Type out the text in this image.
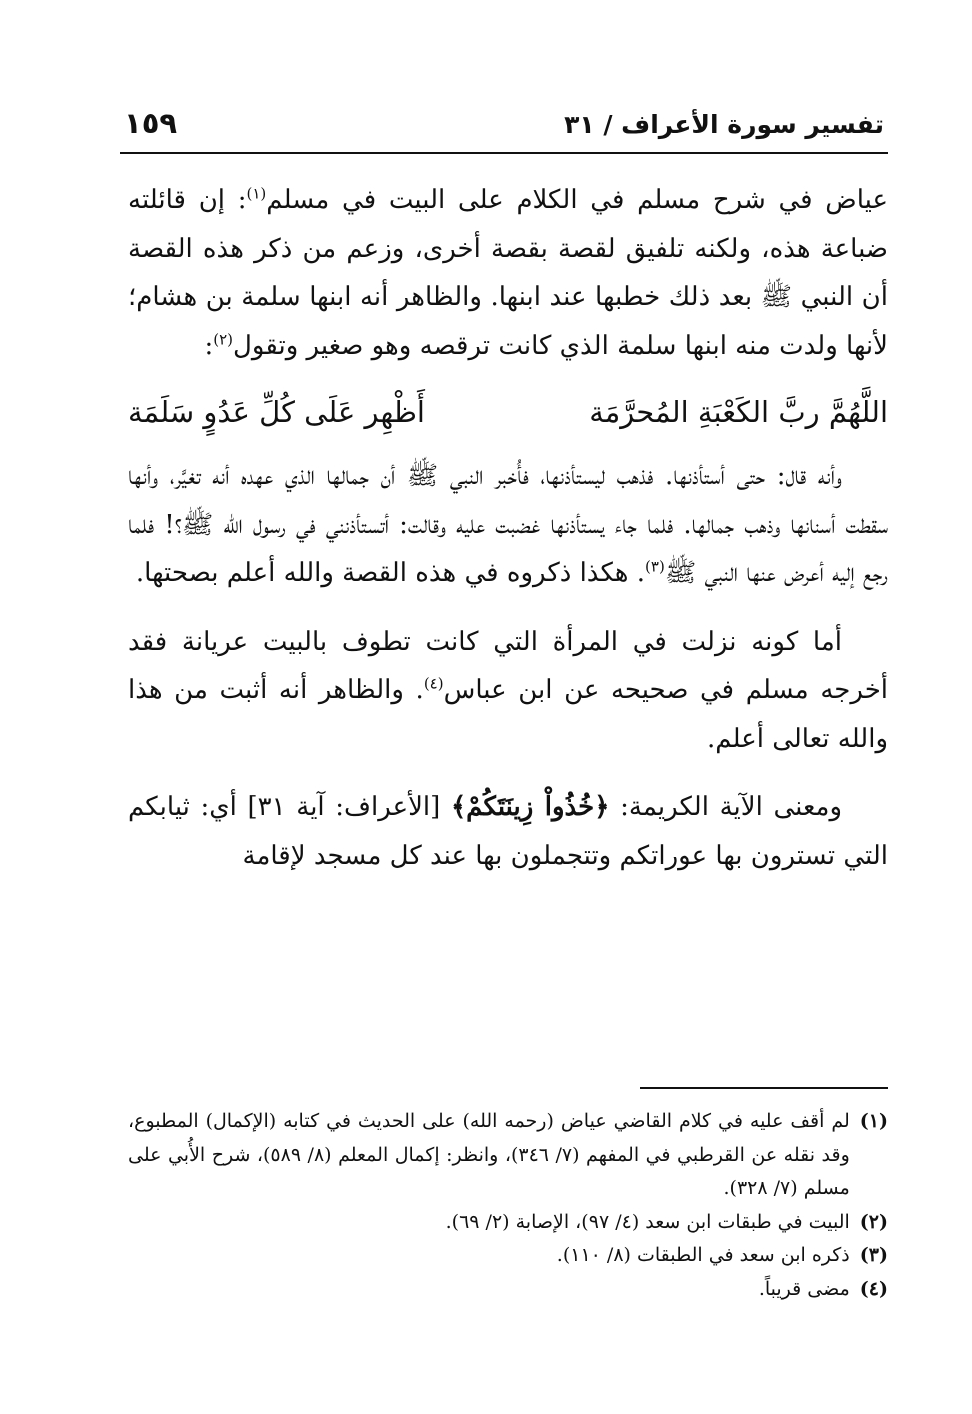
تفسير سورة الأعراف / ٣١
١٥٩

عياض في شرح مسلم في الكلام على البيت في مسلم$^{(١)}$: إن قائلته ضباعة هذه، ولكنه تلفيق لقصة بقصة أخرى، وزعم من ذكر هذه القصة أن النبي ﷺ بعد ذلك خطبها عند ابنها. والظاهر أنه ابنها سلمة بن هشام؛ لأنها ولدت منه ابنها سلمة الذي كانت ترقصه وهو صغير وتقول$^{(٢)}$:

اللَّهُمَّ ربَّ الكَعْبَةِ المُحرَّمَة
أَظْهِر عَلَى كُلِّ عَدُوٍ سَلَمَة

وأنه قال: حتى أستأذنها. فذهب ليستأذنها، فأُخبر النبي ﷺ أن جمالها الذي عهده أنه تغيَّر، وأنها سقطت أسنانها وذهب جمالها. فلما جاء يستأذنها غضبت عليه وقالت: أتستأذنني في رسول الله ﷺ؟! فلما رجع إليه أعرض عنها النبي ﷺ$^{(٣)}$. هكذا ذكروه في هذه القصة والله أعلم بصحتها.

أما كونه نزلت في المرأة التي كانت تطوف بالبيت عريانة فقد أخرجه مسلم في صحيحه عن ابن عباس$^{(٤)}$. والظاهر أنه أثبت من هذا والله تعالى أعلم.

ومعنى الآية الكريمة: ﴿خُذُواْ زِينَتَكُمْ﴾ [الأعراف: آية ٣١] أي: ثيابكم التي تسترون بها عوراتكم وتتجملون بها عند كل مسجد لإقامة

(١)
لم أقف عليه في كلام القاضي عياض (رحمه الله) على الحديث في كتابه (الإكمال) المطبوع، وقد نقله عن القرطبي في المفهم (٧/ ٣٤٦)، وانظر: إكمال المعلم (٨/ ٥٨٩)، شرح الأُبي على مسلم (٧/ ٣٢٨).
(٢)
البيت في طبقات ابن سعد (٤/ ٩٧)، الإصابة (٢/ ٦٩).
(٣)
ذكره ابن سعد في الطبقات (٨/ ١١٠).
(٤)
مضى قريباً.
